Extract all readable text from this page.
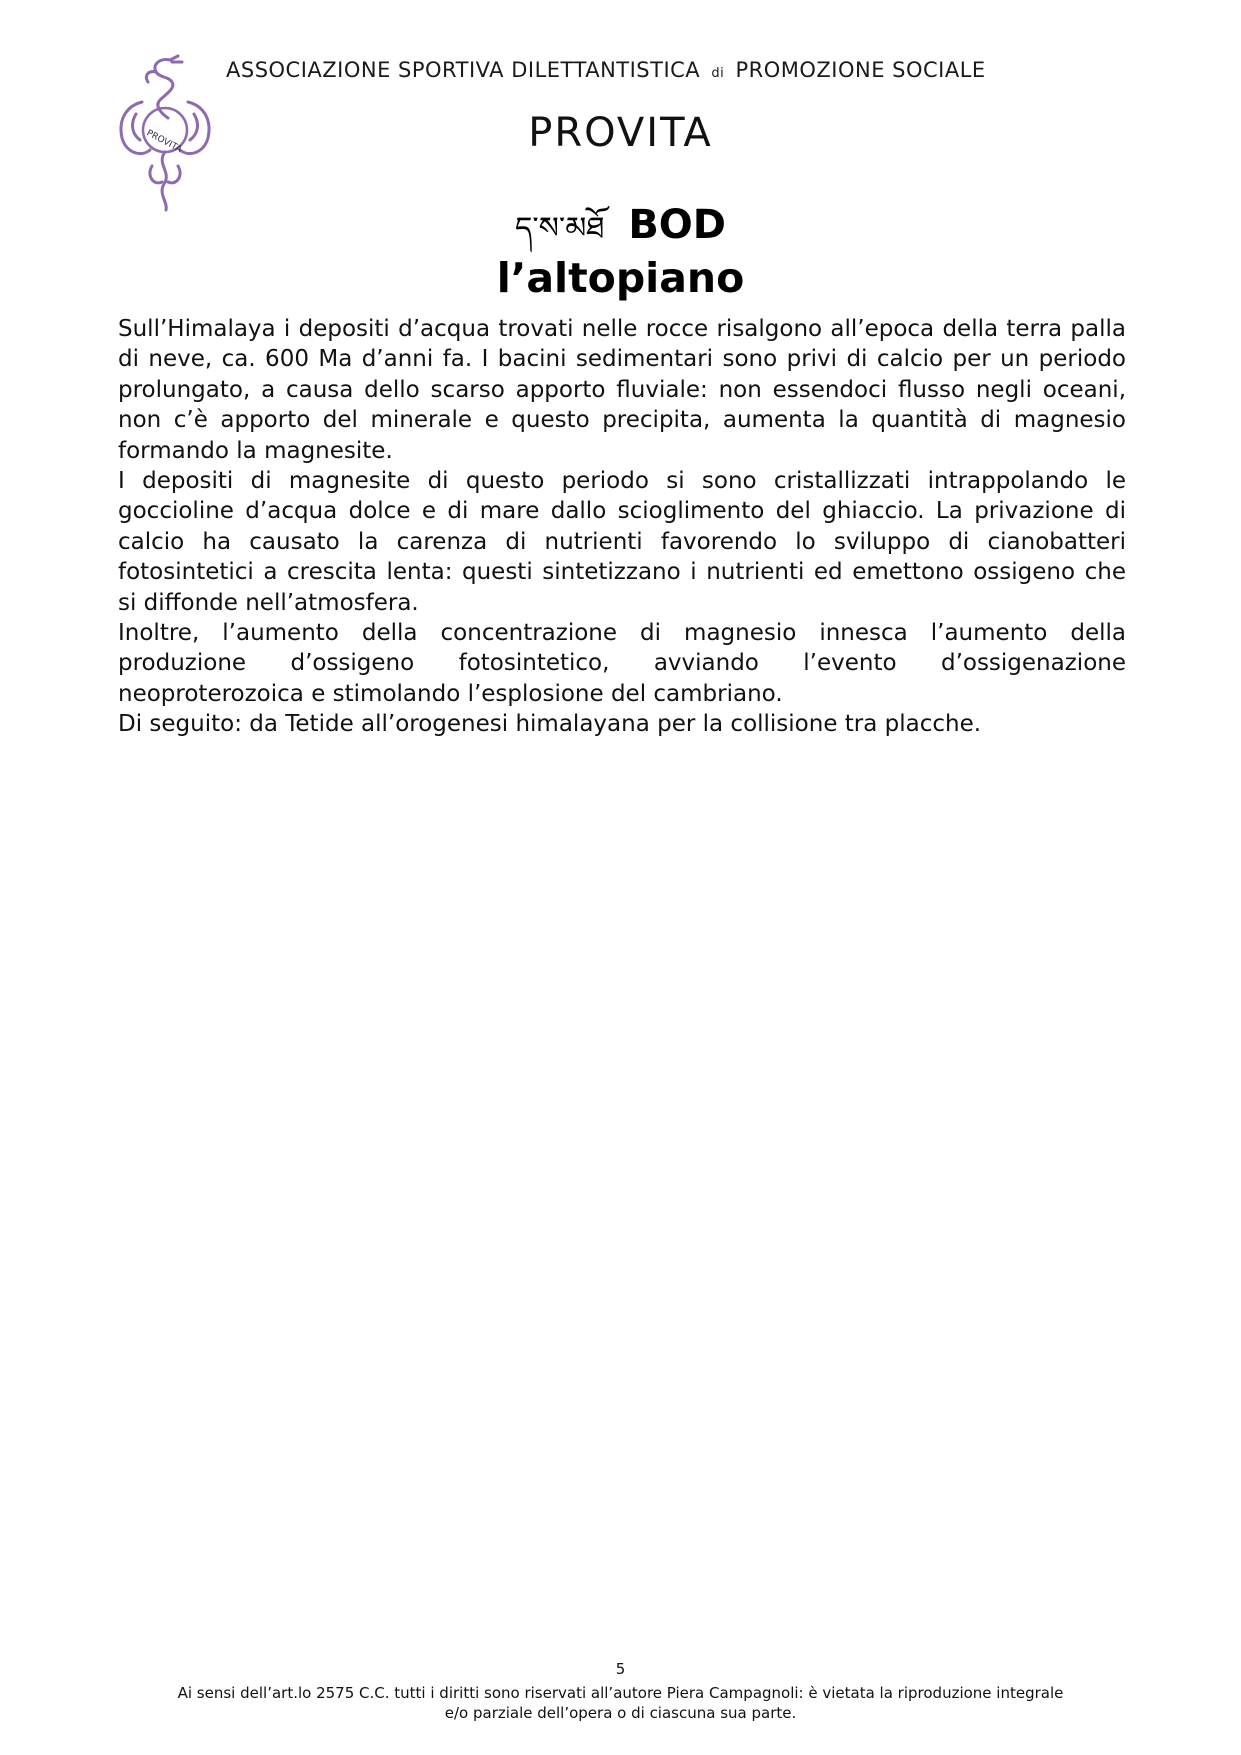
PROVITA
ASSOCIAZIONE SPORTIVA DILETTANTISTICA di PROMOZIONE SOCIALE
PROVITA
ད་ས་མཐོ BOD
l’altopiano

Sull’Himalaya i depositi d’acqua trovati nelle rocce risalgono all’epoca della terra palla di neve, ca. 600 Ma d’anni fa. I bacini sedimentari sono privi di calcio per un periodo prolungato, a causa dello scarso apporto fluviale: non essendoci flusso negli oceani, non c’è apporto del minerale e questo precipita, aumenta la quantità di magnesio formando la magnesite.

I depositi di magnesite di questo periodo si sono cristallizzati intrappolando le goccioline d’acqua dolce e di mare dallo scioglimento del ghiaccio. La privazione di calcio ha causato la carenza di nutrienti favorendo lo sviluppo di cianobatteri fotosintetici a crescita lenta: questi sintetizzano i nutrienti ed emettono ossigeno che si diffonde nell’atmosfera.

Inoltre, l’aumento della concentrazione di magnesio innesca l’aumento della produzione d’ossigeno fotosintetico, avviando l’evento d’ossigenazione neoproterozoica e stimolando l’esplosione del cambriano.

Di seguito: da Tetide all’orogenesi himalayana per la collisione tra placche.

5
Ai sensi dell’art.lo 2575 C.C. tutti i diritti sono riservati all’autore Piera Campagnoli: è vietata la riproduzione integrale
e/o parziale dell’opera o di ciascuna sua parte.
